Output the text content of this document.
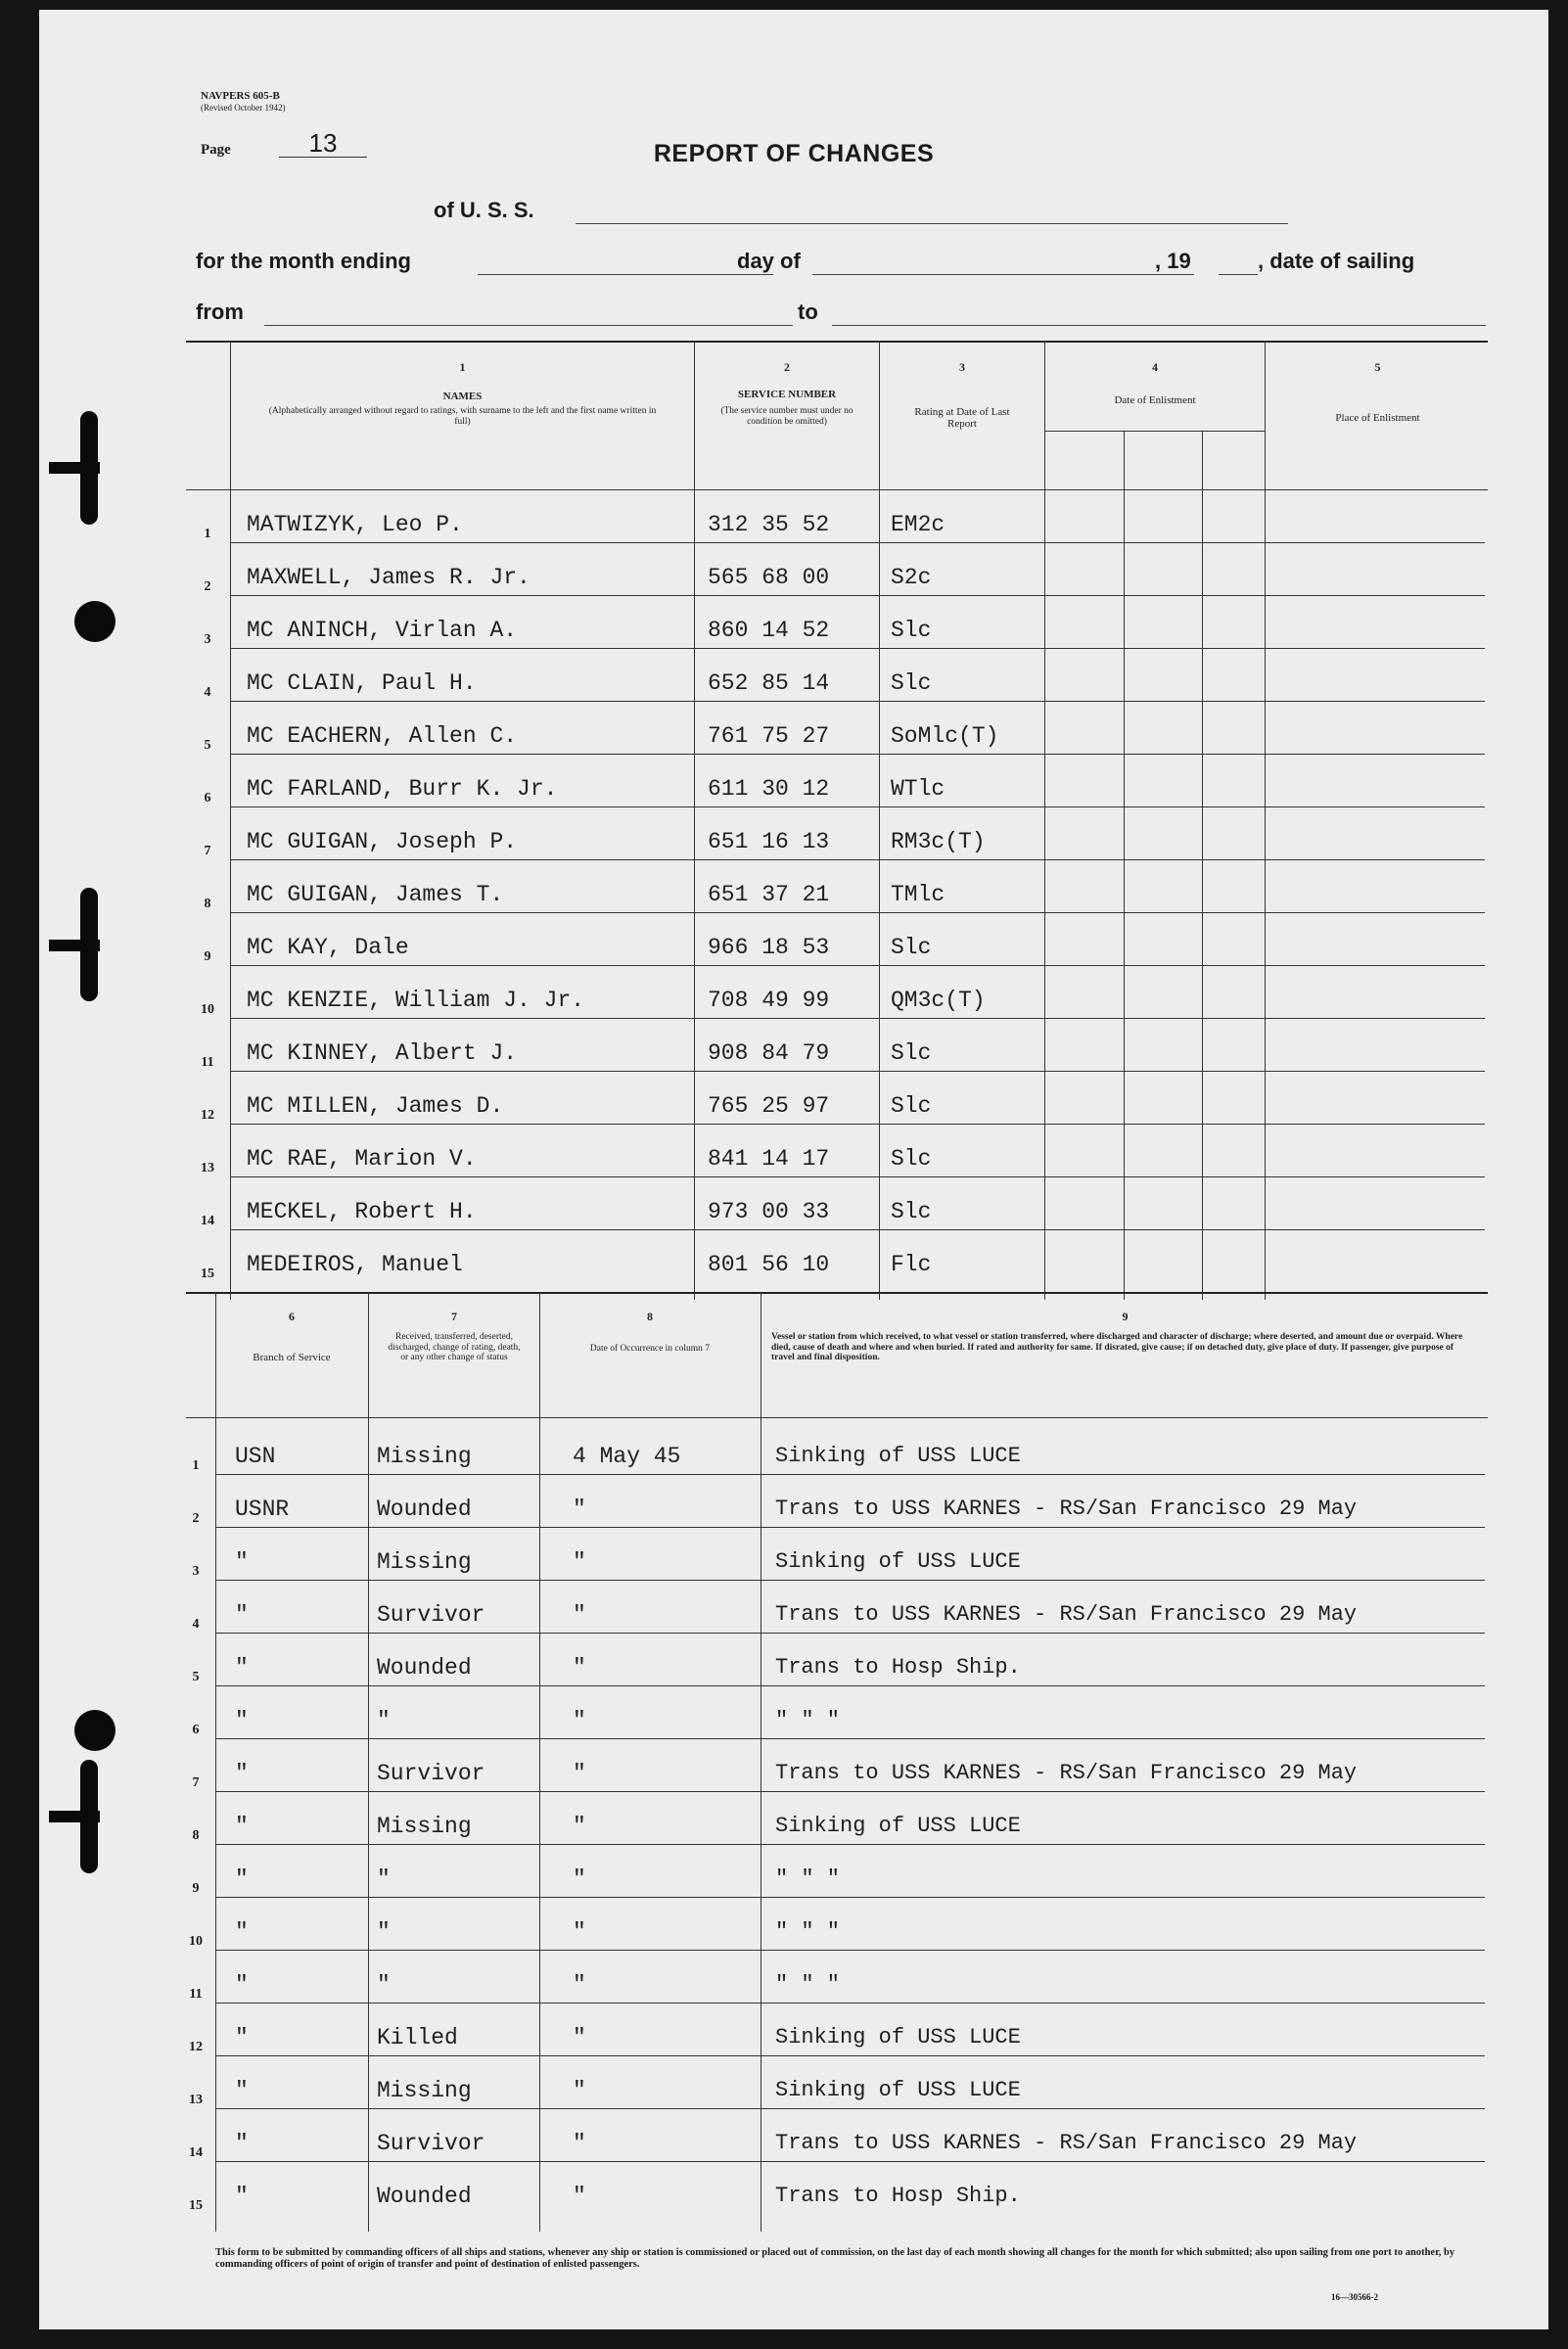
NAVPERS 605-B
(Revised October 1942)
Page	13	REPORT OF CHANGES
of U. S. S.
for the month ending	day of	, 19	, date of sailing
from	to
1
NAMES
(Alphabetically arranged without regard to ratings, with surname to the left and the first name written in full)
2
SERVICE NUMBER
(The service number must under no condition be omitted)
3
Rating at Date of Last Report
4
Date of Enlistment
5
Place of Enlistment
1	MATWIZYK, Leo P.	312 35 52	EM2c
2	MAXWELL, James R. Jr.	565 68 00	S2c
3	MC ANINCH, Virlan A.	860 14 52	Slc
4	MC CLAIN, Paul H.	652 85 14	Slc
5	MC EACHERN, Allen C.	761 75 27	SoMlc(T)
6	MC FARLAND, Burr K. Jr.	611 30 12	WTlc
7	MC GUIGAN, Joseph P.	651 16 13	RM3c(T)
8	MC GUIGAN, James T.	651 37 21	TMlc
9	MC KAY, Dale	966 18 53	Slc
10	MC KENZIE, William J. Jr.	708 49 99	QM3c(T)
11	MC KINNEY, Albert J.	908 84 79	Slc
12	MC MILLEN, James D.	765 25 97	Slc
13	MC RAE, Marion V.	841 14 17	Slc
14	MECKEL, Robert H.	973 00 33	Slc
15	MEDEIROS, Manuel	801 56 10	Flc
6
Branch of Service
7
Received, transferred, deserted, discharged, change of rating, death, or any other change of status
8
Date of Occurrence in column 7
9
Vessel or station from which received, to what vessel or station transferred, where discharged and character of discharge; where deserted, and amount due or overpaid. Where died, cause of death and where and when buried. If rated and authority for same. If disrated, give cause; if on detached duty, give place of duty. If passenger, give purpose of travel and final disposition.
1	USN	Missing	4 May 45	Sinking of USS LUCE
2	USNR	Wounded	"	Trans to USS KARNES - RS/San Francisco 29 May
3	"	Missing	"	Sinking of USS LUCE
4	"	Survivor	"	Trans to USS KARNES - RS/San Francisco 29 May
5	"	Wounded	"	Trans to Hosp Ship.
6	"	"	"	" " "
7	"	Survivor	"	Trans to USS KARNES - RS/San Francisco 29 May
8	"	Missing	"	Sinking of USS LUCE
9	"	"	"	" " "
10	"	"	"	" " "
11	"	"	"	" " "
12	"	Killed	"	Sinking of USS LUCE
13	"	Missing	"	Sinking of USS LUCE
14	"	Survivor	"	Trans to USS KARNES - RS/San Francisco 29 May
15	"	Wounded	"	Trans to Hosp Ship.
This form to be submitted by commanding officers of all ships and stations, whenever any ship or station is commissioned or placed out of commission, on the last day of each month showing all changes for the month for which submitted; also upon sailing from one port to another, by commanding officers of point of origin of transfer and point of destination of enlisted passengers.
16—30566-2
